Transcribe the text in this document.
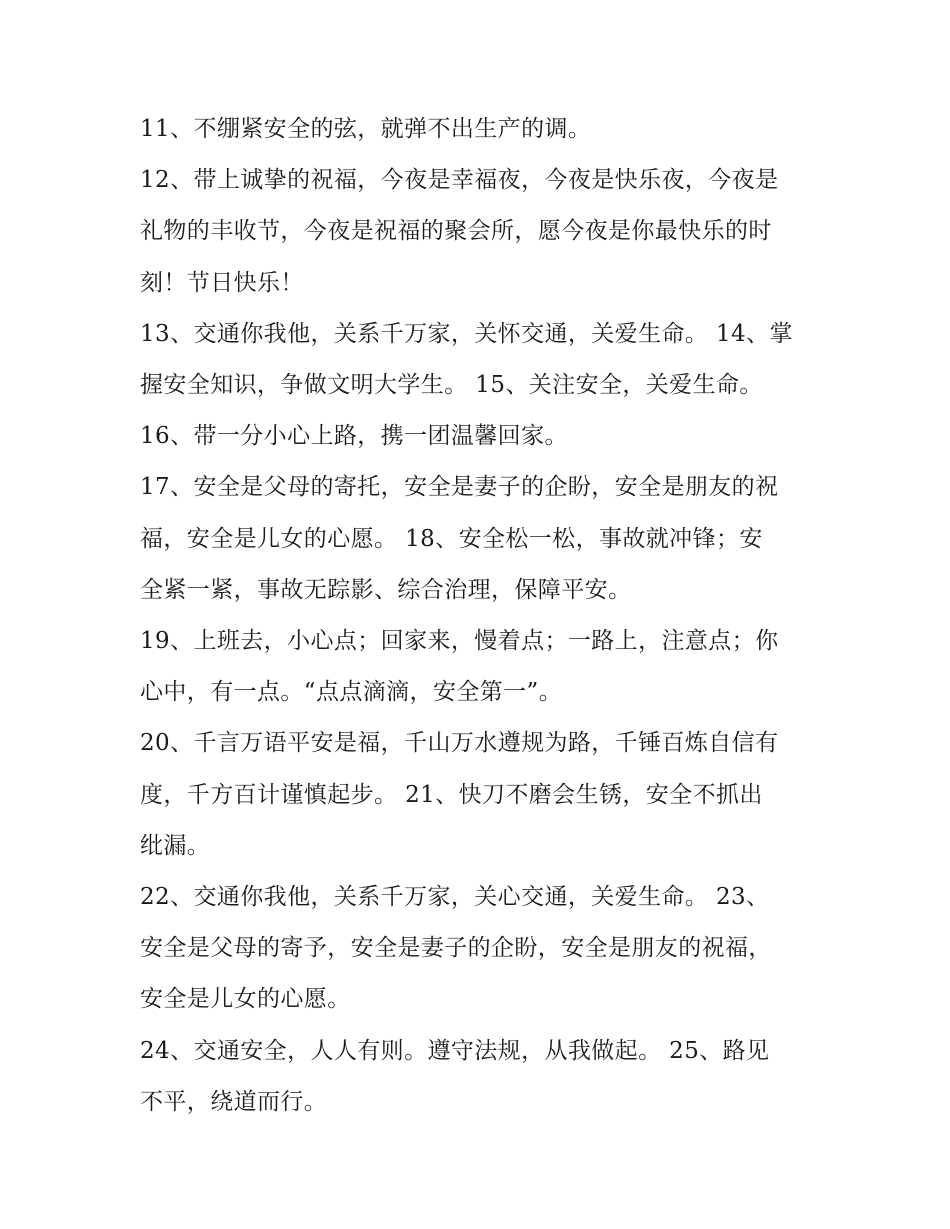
11、不绷紧安全的弦，就弹不出生产的调。

12、带上诚挚的祝福，今夜是幸福夜，今夜是快乐夜，今夜是
礼物的丰收节，今夜是祝福的聚会所，愿今夜是你最快乐的时
刻！节日快乐！

13、交通你我他，关系千万家，关怀交通，关爱生命。 14、掌
握安全知识，争做文明大学生。 15、关注安全，关爱生命。

16、带一分小心上路，携一团温馨回家。

17、安全是父母的寄托，安全是妻子的企盼，安全是朋友的祝
福，安全是儿女的心愿。 18、安全松一松，事故就冲锋；安
全紧一紧，事故无踪影、综合治理，保障平安。

19、上班去，小心点；回家来，慢着点；一路上，注意点；你
心中，有一点。“点点滴滴，安全第一”。

20、千言万语平安是福，千山万水遵规为路，千锤百炼自信有
度，千方百计谨慎起步。 21、快刀不磨会生锈，安全不抓出
纰漏。

22、交通你我他，关系千万家，关心交通，关爱生命。 23、
安全是父母的寄予，安全是妻子的企盼，安全是朋友的祝福，
安全是儿女的心愿。

24、交通安全，人人有则。遵守法规，从我做起。 25、路见
不平，绕道而行。
